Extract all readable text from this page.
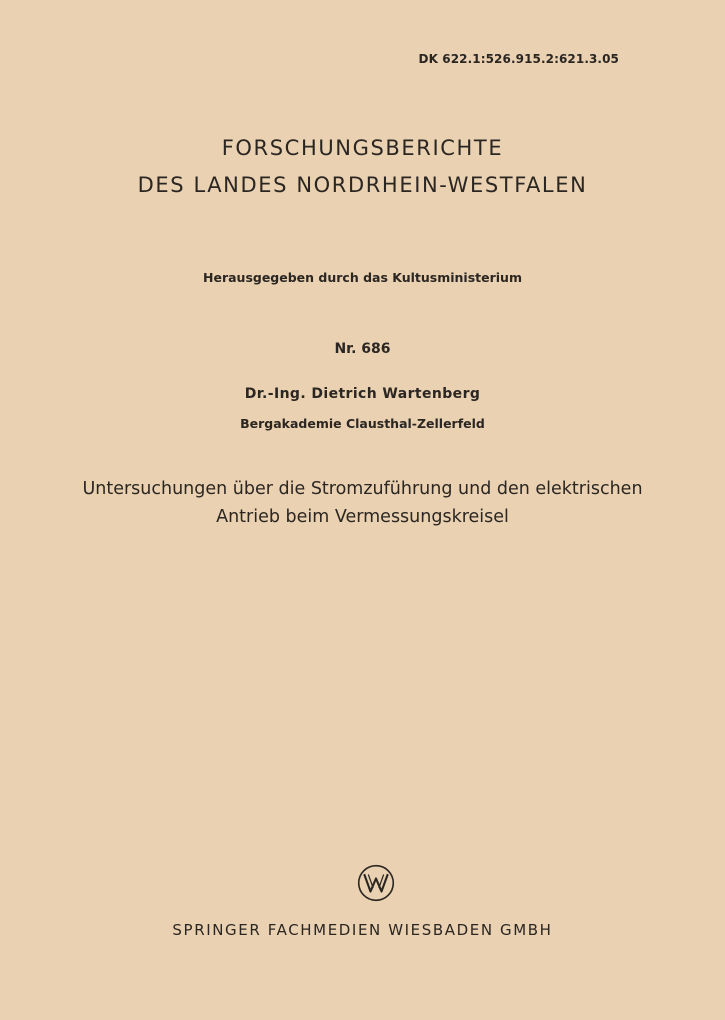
DK 622.1:526.915.2:621.3.05
FORSCHUNGSBERICHTE
DES LANDES NORDRHEIN-WESTFALEN
Herausgegeben durch das Kultusministerium
Nr. 686
Dr.-Ing. Dietrich Wartenberg
Bergakademie Clausthal-Zellerfeld
Untersuchungen über die Stromzuführung und den elektrischen
Antrieb beim Vermessungskreisel
SPRINGER FACHMEDIEN WIESBADEN GMBH
